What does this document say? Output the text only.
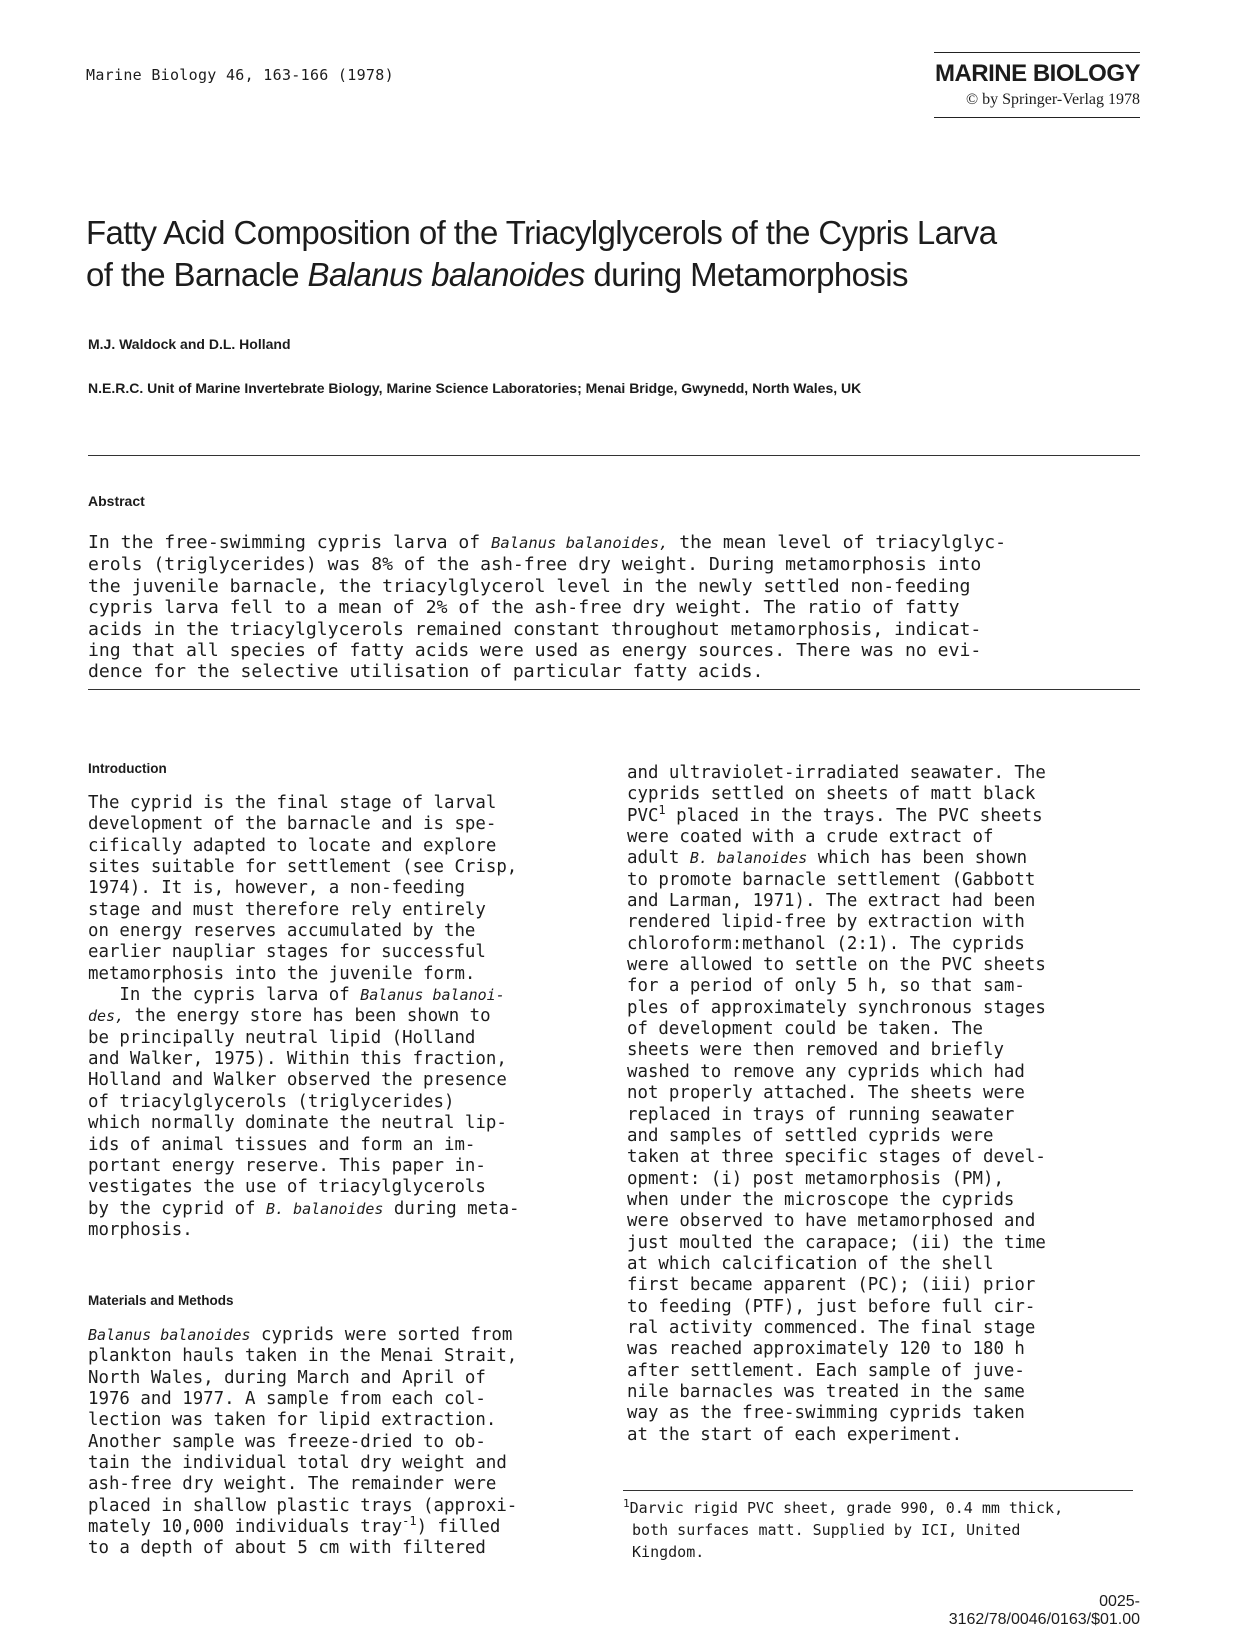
Marine Biology 46, 163-166 (1978)	MARINE BIOLOGY
© by Springer-Verlag 1978
Fatty Acid Composition of the Triacylglycerols of the Cypris Larva
of the Barnacle Balanus balanoides during Metamorphosis
M.J. Waldock and D.L. Holland
N.E.R.C. Unit of Marine Invertebrate Biology, Marine Science Laboratories; Menai Bridge, Gwynedd, North Wales, UK
Abstract
In the free-swimming cypris larva of Balanus balanoides, the mean level of triacylglyc-
erols (triglycerides) was 8% of the ash-free dry weight. During metamorphosis into
the juvenile barnacle, the triacylglycerol level in the newly settled non-feeding
cypris larva fell to a mean of 2% of the ash-free dry weight. The ratio of fatty
acids in the triacylglycerols remained constant throughout metamorphosis, indicat-
ing that all species of fatty acids were used as energy sources. There was no evi-
dence for the selective utilisation of particular fatty acids.
Introduction
The cyprid is the final stage of larval
development of the barnacle and is spe-
cifically adapted to locate and explore
sites suitable for settlement (see Crisp,
1974). It is, however, a non-feeding
stage and must therefore rely entirely
on energy reserves accumulated by the
earlier naupliar stages for successful
metamorphosis into the juvenile form.
In the cypris larva of Balanus balanoi-
des, the energy store has been shown to
be principally neutral lipid (Holland
and Walker, 1975). Within this fraction,
Holland and Walker observed the presence
of triacylglycerols (triglycerides)
which normally dominate the neutral lip-
ids of animal tissues and form an im-
portant energy reserve. This paper in-
vestigates the use of triacylglycerols
by the cyprid of B. balanoides during meta-
morphosis.
Materials and Methods
Balanus balanoides cyprids were sorted from
plankton hauls taken in the Menai Strait,
North Wales, during March and April of
1976 and 1977. A sample from each col-
lection was taken for lipid extraction.
Another sample was freeze-dried to ob-
tain the individual total dry weight and
ash-free dry weight. The remainder were
placed in shallow plastic trays (approxi-
mately 10,000 individuals tray$^{-1}$) filled
to a depth of about 5 cm with filtered
and ultraviolet-irradiated seawater. The
cyprids settled on sheets of matt black
PVC$^1$ placed in the trays. The PVC sheets
were coated with a crude extract of
adult B. balanoides which has been shown
to promote barnacle settlement (Gabbott
and Larman, 1971). The extract had been
rendered lipid-free by extraction with
chloroform:methanol (2:1). The cyprids
were allowed to settle on the PVC sheets
for a period of only 5 h, so that sam-
ples of approximately synchronous stages
of development could be taken. The
sheets were then removed and briefly
washed to remove any cyprids which had
not properly attached. The sheets were
replaced in trays of running seawater
and samples of settled cyprids were
taken at three specific stages of devel-
opment: (i) post metamorphosis (PM),
when under the microscope the cyprids
were observed to have metamorphosed and
just moulted the carapace; (ii) the time
at which calcification of the shell
first became apparent (PC); (iii) prior
to feeding (PTF), just before full cir-
ral activity commenced. The final stage
was reached approximately 120 to 180 h
after settlement. Each sample of juve-
nile barnacles was treated in the same
way as the free-swimming cyprids taken
at the start of each experiment.
$^1$Darvic rigid PVC sheet, grade 990, 0.4 mm thick,
both surfaces matt. Supplied by ICI, United
Kingdom.
0025-3162/78/0046/0163/$01.00
